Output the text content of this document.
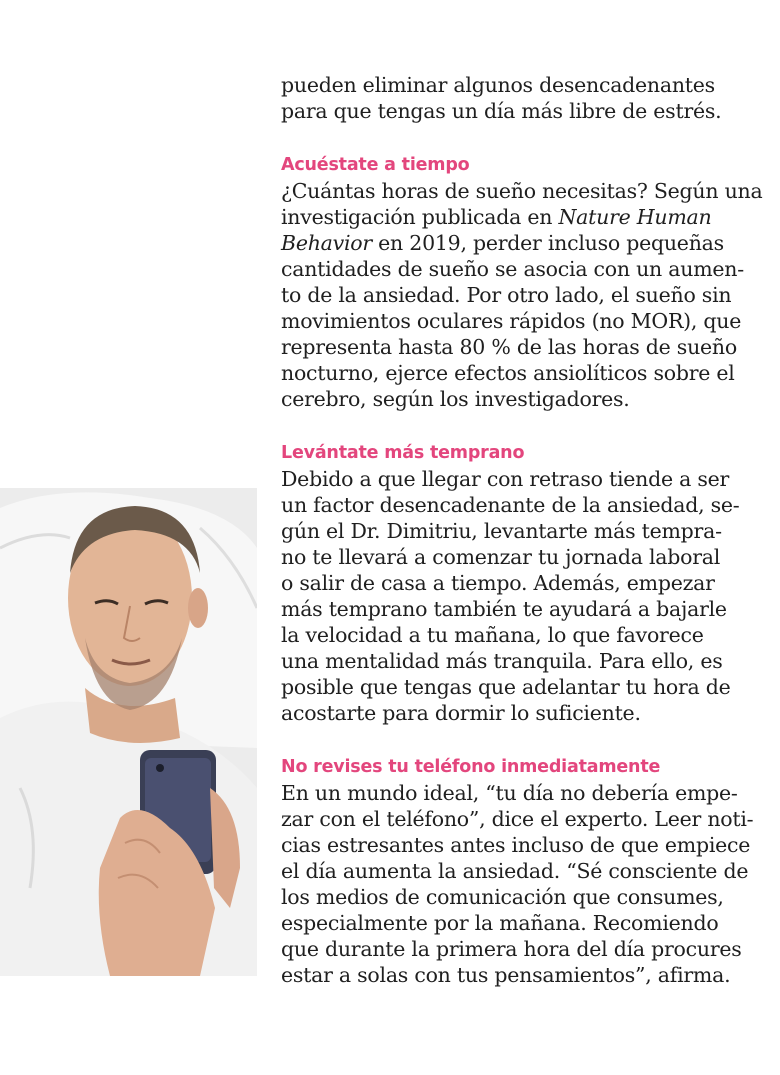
pueden eliminar algunos desencadenantes
para que tengas un día más libre de estrés.
Acuéstate a tiempo
¿Cuántas horas de sueño necesitas? Según una
investigación publicada en Nature Human
Behavior en 2019, perder incluso pequeñas
cantidades de sueño se asocia con un aumen-
to de la ansiedad. Por otro lado, el sueño sin
movimientos oculares rápidos (no MOR), que
representa hasta 80 % de las horas de sueño
nocturno, ejerce efectos ansiolíticos sobre el
cerebro, según los investigadores.
Levántate más temprano
Debido a que llegar con retraso tiende a ser
un factor desencadenante de la ansiedad, se-
gún el Dr. Dimitriu, levantarte más tempra-
no te llevará a comenzar tu jornada laboral
o salir de casa a tiempo. Además, empezar
más temprano también te ayudará a bajarle
la velocidad a tu mañana, lo que favorece
una mentalidad más tranquila. Para ello, es
posible que tengas que adelantar tu hora de
acostarte para dormir lo suficiente.
No revises tu teléfono inmediatamente
En un mundo ideal, “tu día no debería empe-
zar con el teléfono”, dice el experto. Leer noti-
cias estresantes antes incluso de que empiece
el día aumenta la ansiedad. “Sé consciente de
los medios de comunicación que consumes,
especialmente por la mañana. Recomiendo
que durante la primera hora del día procures
estar a solas con tus pensamientos”, afirma.
